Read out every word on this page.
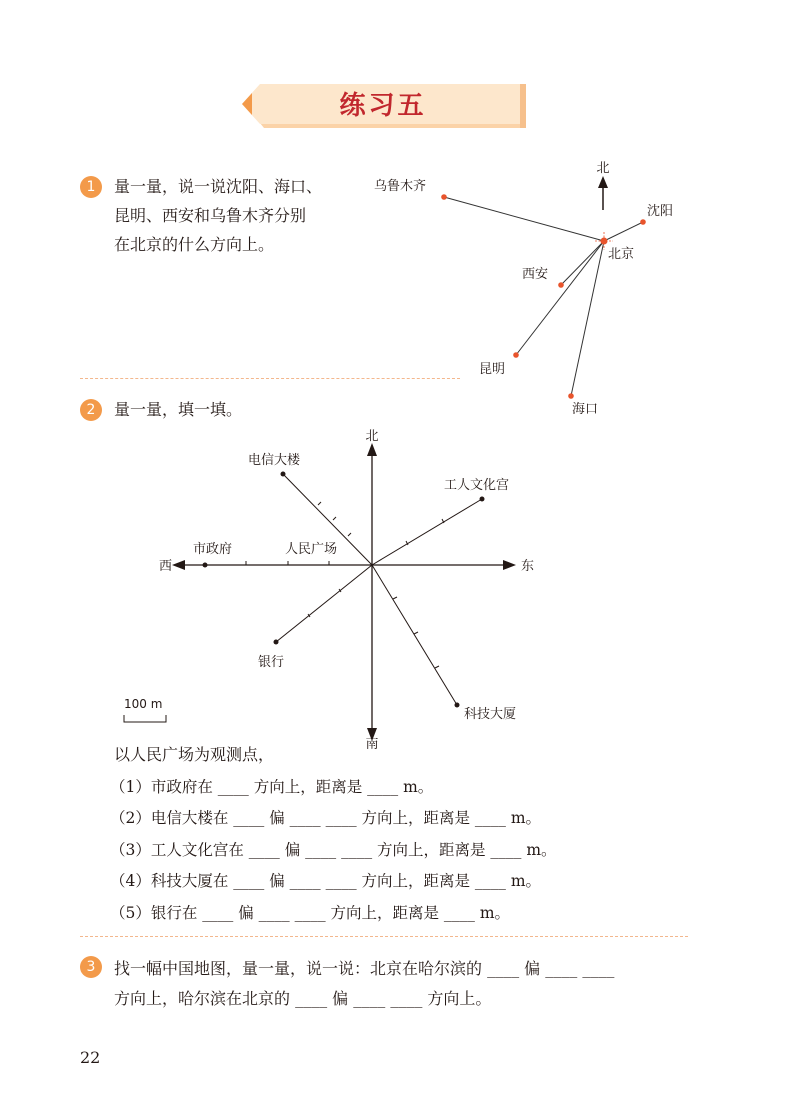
练习五
1	量一量，说一说沈阳、海口、
昆明、西安和乌鲁木齐分别
在北京的什么方向上。
北
北京
乌鲁木齐
沈阳
西安
昆明
海口
2	量一量，填一填。
北
南
东
西
电信大楼
工人文化宫
市政府	人民广场
银行
科技大厦
100 m
以人民广场为观测点，
（1）市政府在 ____ 方向上，距离是 ____ m。
（2）电信大楼在 ____ 偏 ____ ____ 方向上，距离是 ____ m。
（3）工人文化宫在 ____ 偏 ____ ____ 方向上，距离是 ____ m。
（4）科技大厦在 ____ 偏 ____ ____ 方向上，距离是 ____ m。
（5）银行在 ____ 偏 ____ ____ 方向上，距离是 ____ m。
3	找一幅中国地图，量一量，说一说：北京在哈尔滨的 ____ 偏 ____ ____
方向上，哈尔滨在北京的 ____ 偏 ____ ____ 方向上。
22
